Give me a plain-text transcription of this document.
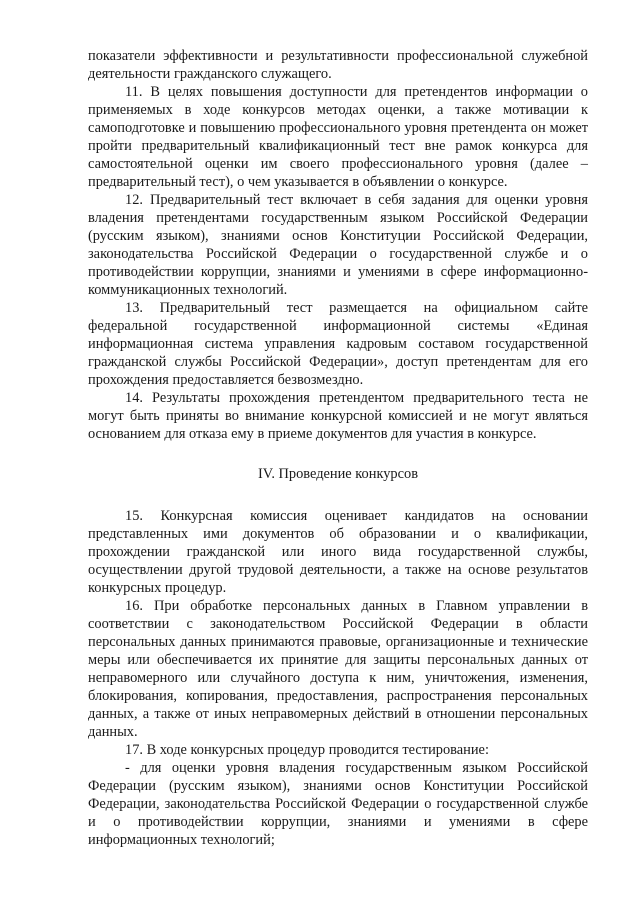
показатели эффективности и результативности профессиональной служебной деятельности гражданского служащего.

11. В целях повышения доступности для претендентов информации о применяемых в ходе конкурсов методах оценки, а также мотивации к самоподготовке и повышению профессионального уровня претендента он может пройти предварительный квалификационный тест вне рамок конкурса для самостоятельной оценки им своего профессионального уровня (далее – предварительный тест), о чем указывается в объявлении о конкурсе.

12. Предварительный тест включает в себя задания для оценки уровня владения претендентами государственным языком Российской Федерации (русским языком), знаниями основ Конституции Российской Федерации, законодательства Российской Федерации о государственной службе и о противодействии коррупции, знаниями и умениями в сфере информационно-коммуникационных технологий.

13. Предварительный тест размещается на официальном сайте федеральной государственной информационной системы «Единая информационная система управления кадровым составом государственной гражданской службы Российской Федерации», доступ претендентам для его прохождения предоставляется безвозмездно.

14. Результаты прохождения претендентом предварительного теста не могут быть приняты во внимание конкурсной комиссией и не могут являться основанием для отказа ему в приеме документов для участия в конкурсе.

IV. Проведение конкурсов

15. Конкурсная комиссия оценивает кандидатов на основании представленных ими документов об образовании и о квалификации, прохождении гражданской или иного вида государственной службы, осуществлении другой трудовой деятельности, а также на основе результатов конкурсных процедур.

16. При обработке персональных данных в Главном управлении в соответствии с законодательством Российской Федерации в области персональных данных принимаются правовые, организационные и технические меры или обеспечивается их принятие для защиты персональных данных от неправомерного или случайного доступа к ним, уничтожения, изменения, блокирования, копирования, предоставления, распространения персональных данных, а также от иных неправомерных действий в отношении персональных данных.

17. В ходе конкурсных процедур проводится тестирование:

- для оценки уровня владения государственным языком Российской Федерации (русским языком), знаниями основ Конституции Российской Федерации, законодательства Российской Федерации о государственной службе и о противодействии коррупции, знаниями и умениями в сфере информационных технологий;
